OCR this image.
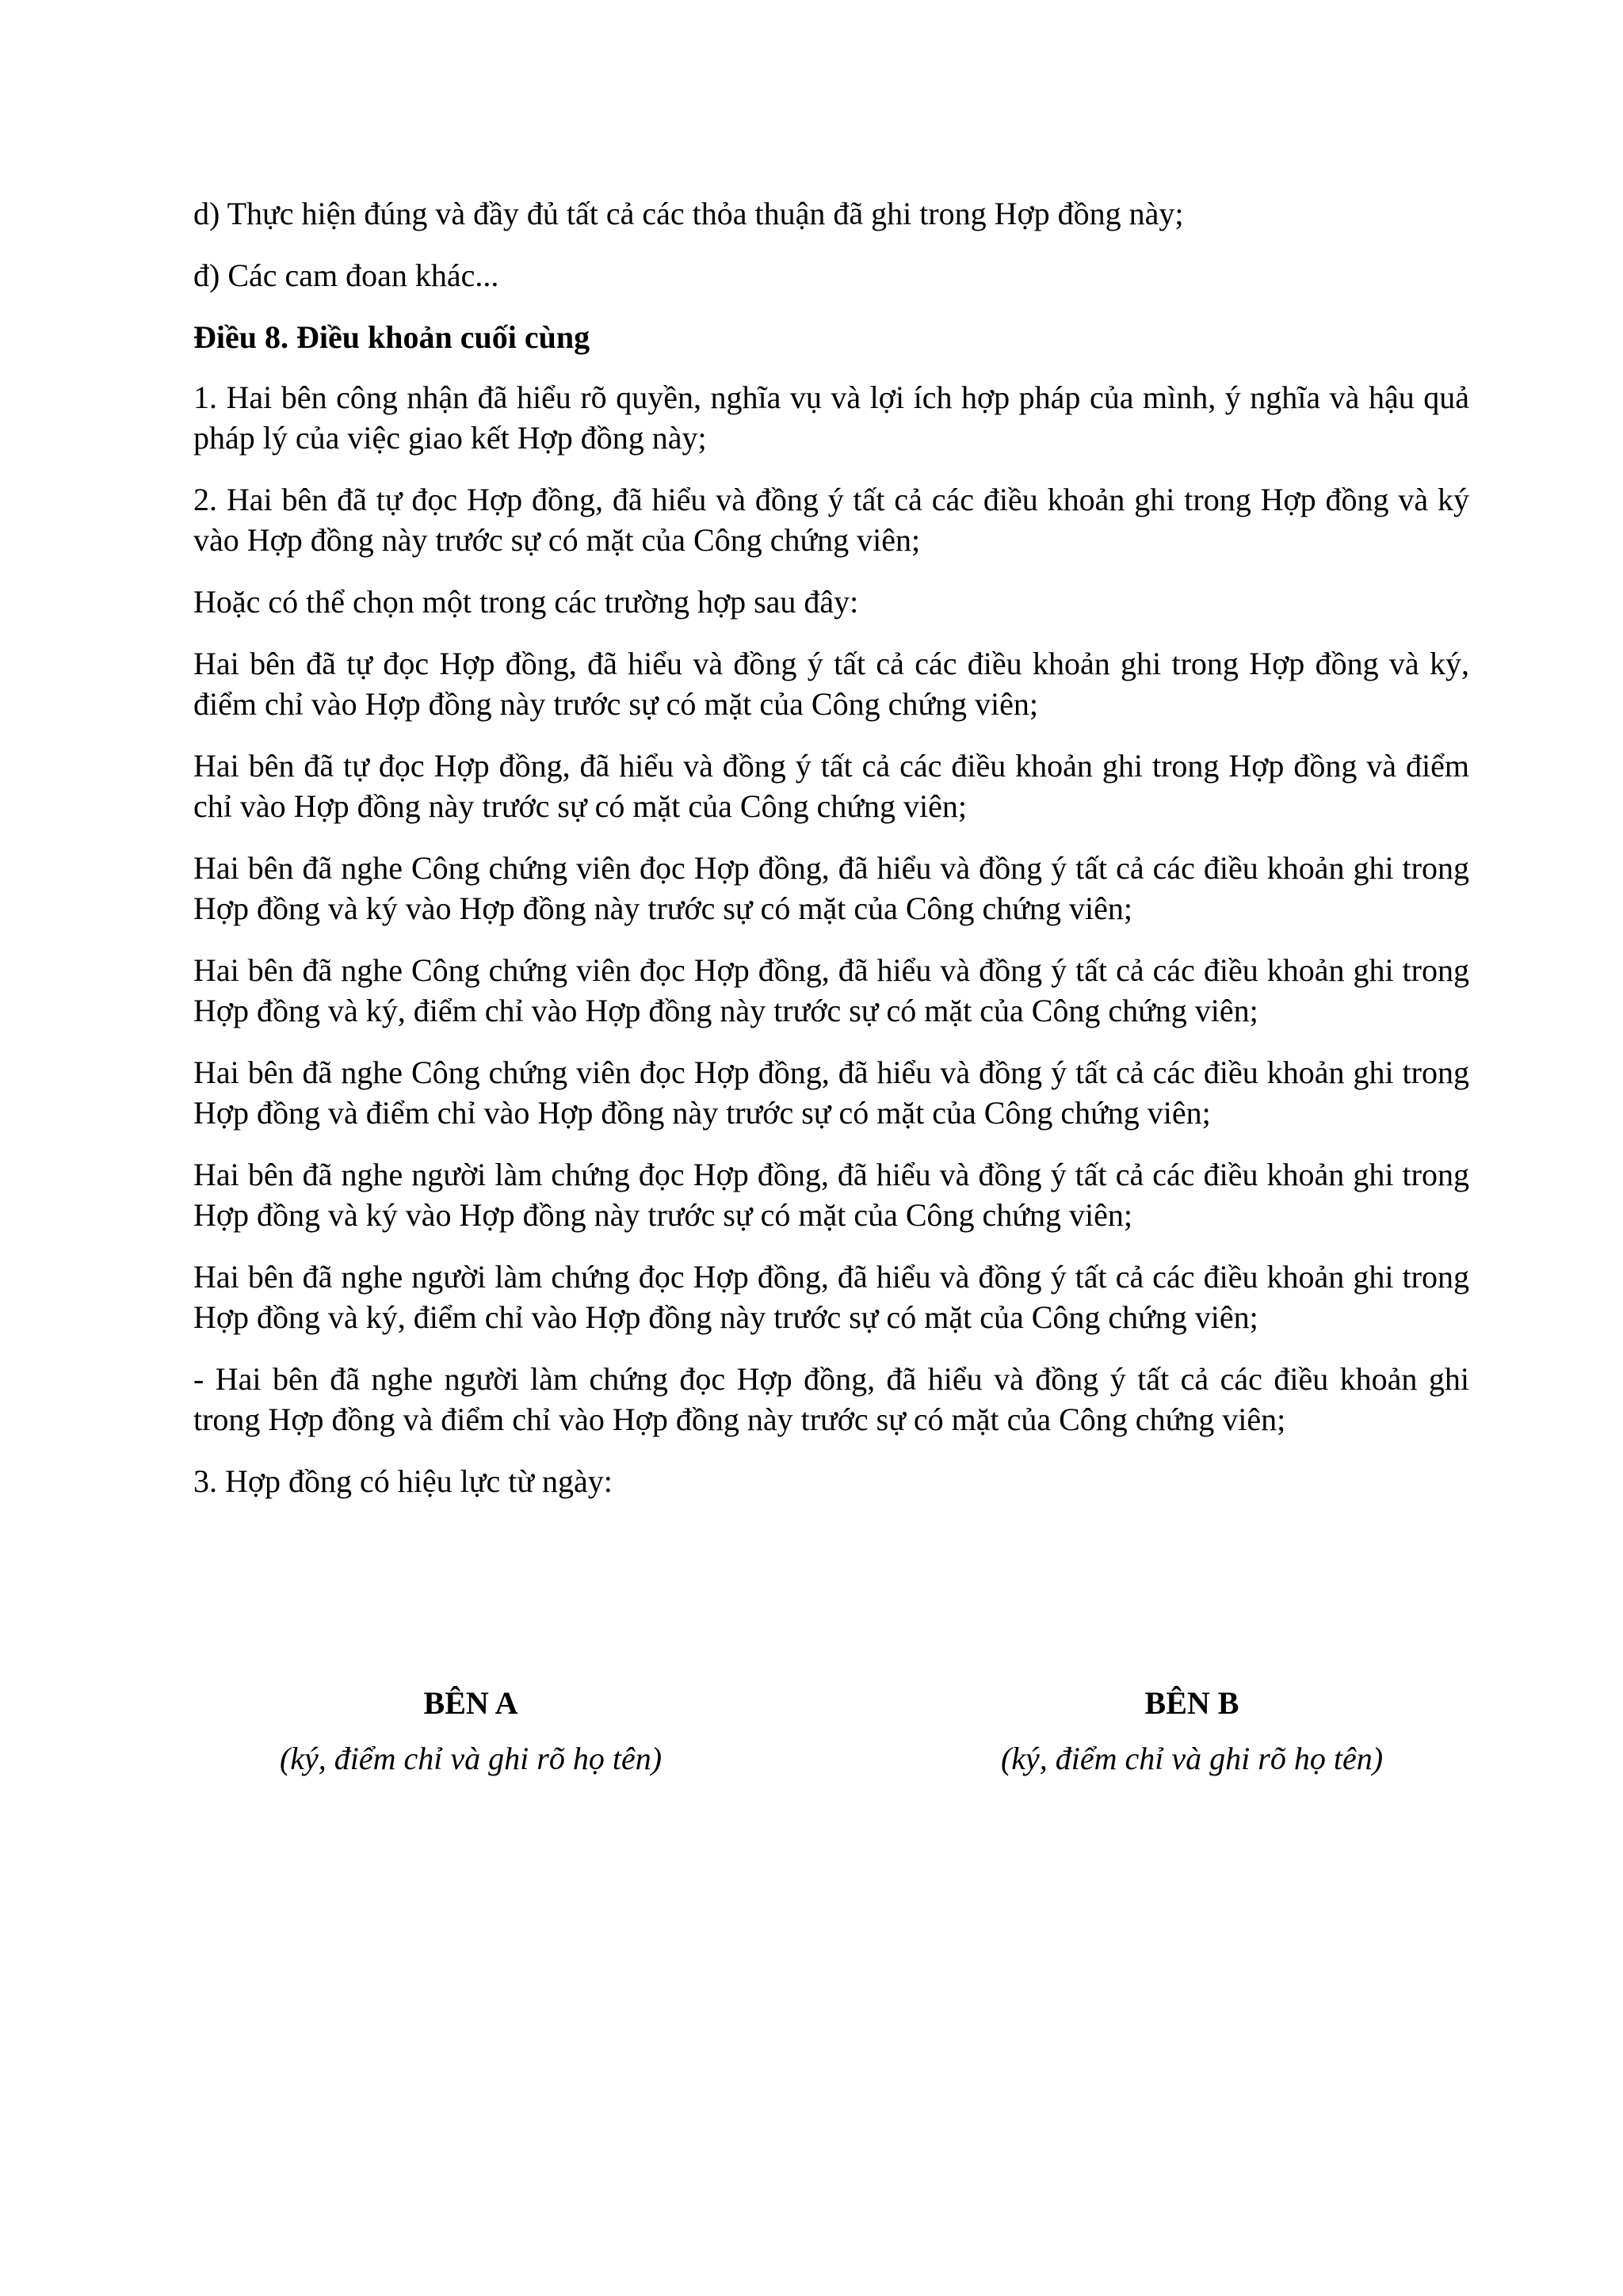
d) Thực hiện đúng và đầy đủ tất cả các thỏa thuận đã ghi trong Hợp đồng này;

đ) Các cam đoan khác...

Điều 8. Điều khoản cuối cùng

1. Hai bên công nhận đã hiểu rõ quyền, nghĩa vụ và lợi ích hợp pháp của mình, ý nghĩa và hậu quả pháp lý của việc giao kết Hợp đồng này;

2. Hai bên đã tự đọc Hợp đồng, đã hiểu và đồng ý tất cả các điều khoản ghi trong Hợp đồng và ký vào Hợp đồng này trước sự có mặt của Công chứng viên;

Hoặc có thể chọn một trong các trường hợp sau đây:

Hai bên đã tự đọc Hợp đồng, đã hiểu và đồng ý tất cả các điều khoản ghi trong Hợp đồng và ký, điểm chỉ vào Hợp đồng này trước sự có mặt của Công chứng viên;

Hai bên đã tự đọc Hợp đồng, đã hiểu và đồng ý tất cả các điều khoản ghi trong Hợp đồng và điểm chỉ vào Hợp đồng này trước sự có mặt của Công chứng viên;

Hai bên đã nghe Công chứng viên đọc Hợp đồng, đã hiểu và đồng ý tất cả các điều khoản ghi trong Hợp đồng và ký vào Hợp đồng này trước sự có mặt của Công chứng viên;

Hai bên đã nghe Công chứng viên đọc Hợp đồng, đã hiểu và đồng ý tất cả các điều khoản ghi trong Hợp đồng và ký, điểm chỉ vào Hợp đồng này trước sự có mặt của Công chứng viên;

Hai bên đã nghe Công chứng viên đọc Hợp đồng, đã hiểu và đồng ý tất cả các điều khoản ghi trong Hợp đồng và điểm chỉ vào Hợp đồng này trước sự có mặt của Công chứng viên;

Hai bên đã nghe người làm chứng đọc Hợp đồng, đã hiểu và đồng ý tất cả các điều khoản ghi trong Hợp đồng và ký vào Hợp đồng này trước sự có mặt của Công chứng viên;

Hai bên đã nghe người làm chứng đọc Hợp đồng, đã hiểu và đồng ý tất cả các điều khoản ghi trong Hợp đồng và ký, điểm chỉ vào Hợp đồng này trước sự có mặt của Công chứng viên;

- Hai bên đã nghe người làm chứng đọc Hợp đồng, đã hiểu và đồng ý tất cả các điều khoản ghi trong Hợp đồng và điểm chỉ vào Hợp đồng này trước sự có mặt của Công chứng viên;

3. Hợp đồng có hiệu lực từ ngày:

BÊN A

(ký, điểm chỉ và ghi rõ họ tên)

BÊN B

(ký, điểm chỉ và ghi rõ họ tên)
